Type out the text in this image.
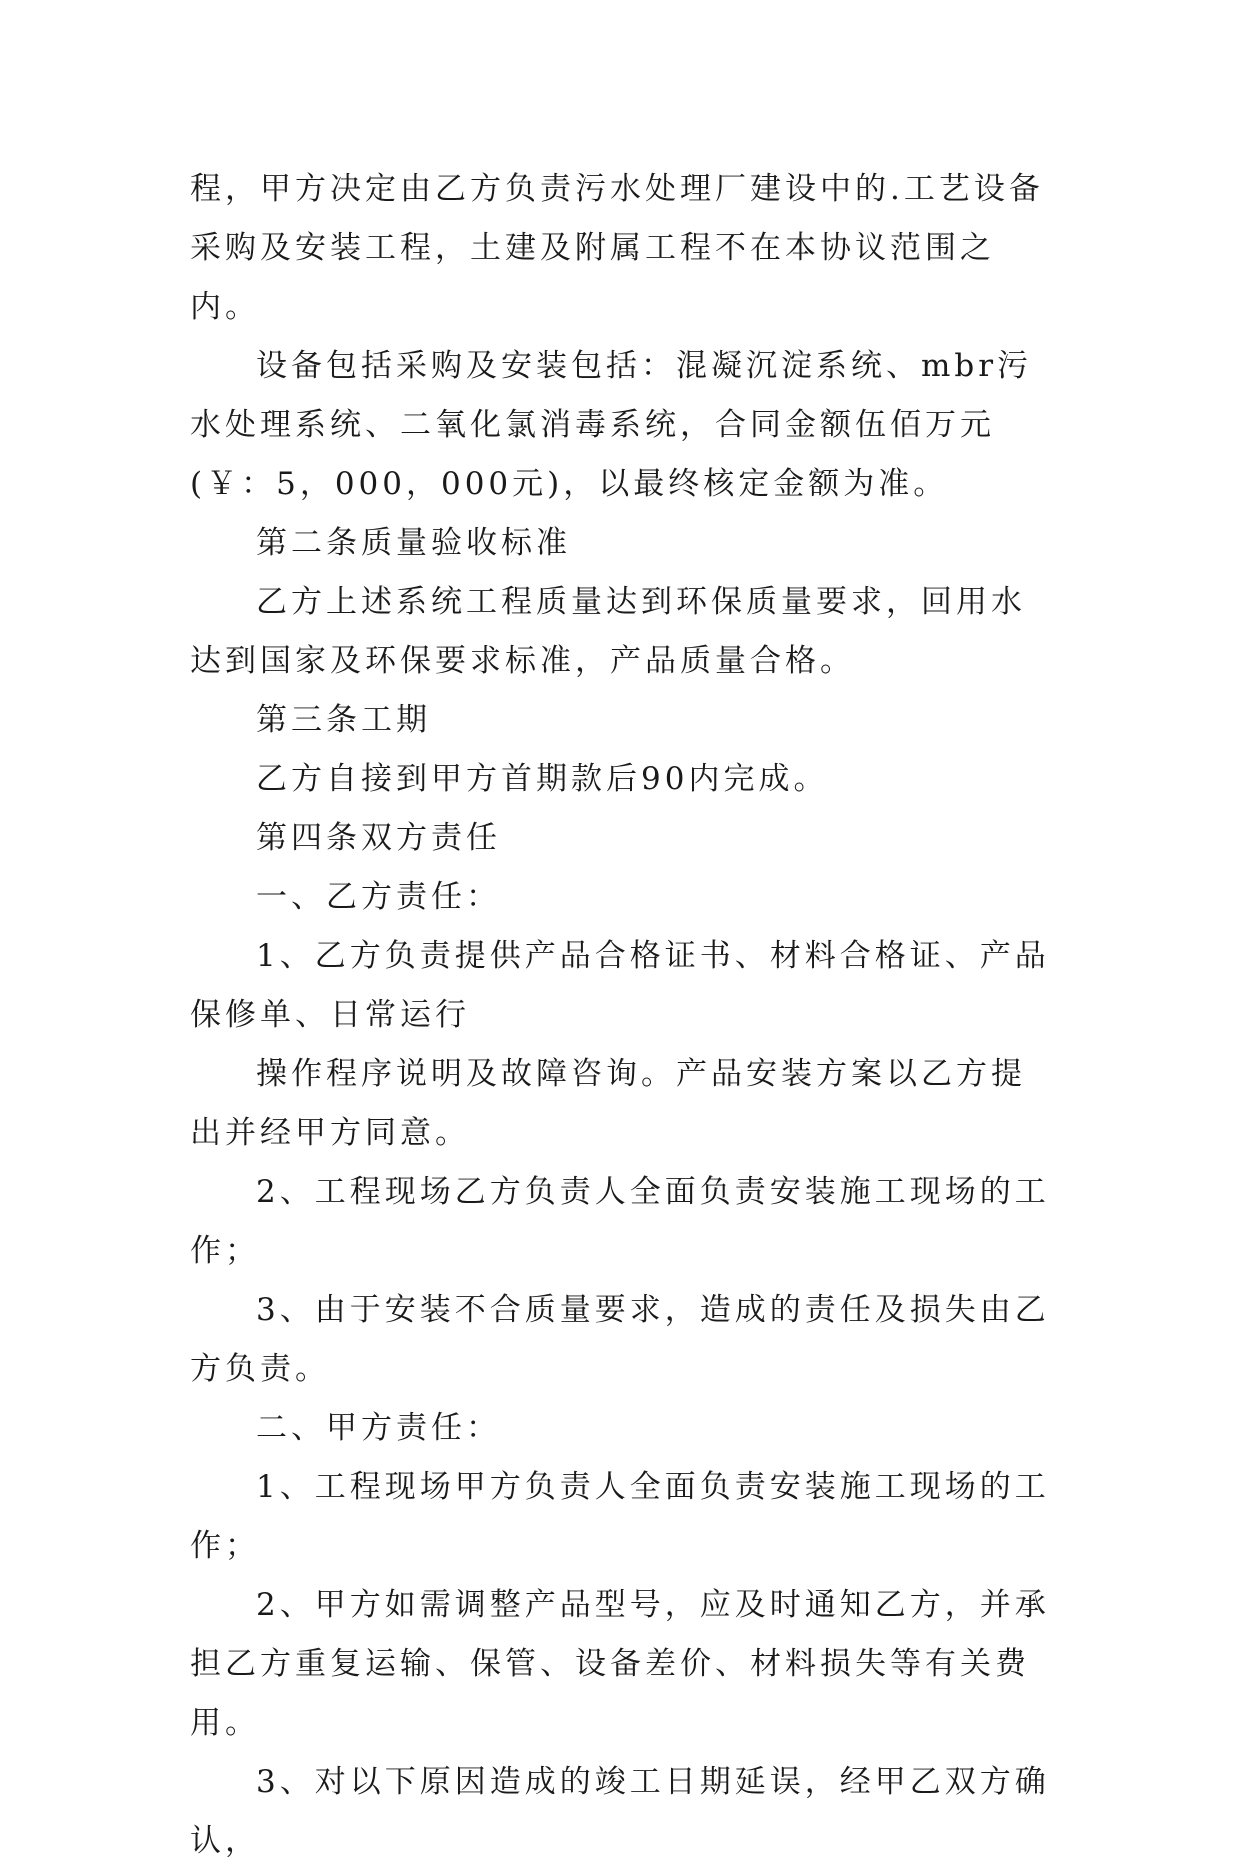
程，甲方决定由乙方负责污水处理厂建设中的.工艺设备采购及安装工程，土建及附属工程不在本协议范围之内。

设备包括采购及安装包括：混凝沉淀系统、mbr污水处理系统、二氧化氯消毒系统，合同金额伍佰万元(￥：5，000，000元)，以最终核定金额为准。

第二条质量验收标准

乙方上述系统工程质量达到环保质量要求，回用水达到国家及环保要求标准，产品质量合格。

第三条工期

乙方自接到甲方首期款后90内完成。

第四条双方责任

一、乙方责任：

1、乙方负责提供产品合格证书、材料合格证、产品保修单、日常运行

操作程序说明及故障咨询。产品安装方案以乙方提出并经甲方同意。

2、工程现场乙方负责人全面负责安装施工现场的工作；

3、由于安装不合质量要求，造成的责任及损失由乙方负责。

二、甲方责任：

1、工程现场甲方负责人全面负责安装施工现场的工作；

2、甲方如需调整产品型号，应及时通知乙方，并承担乙方重复运输、保管、设备差价、材料损失等有关费用。

3、对以下原因造成的竣工日期延误，经甲乙双方确认，
